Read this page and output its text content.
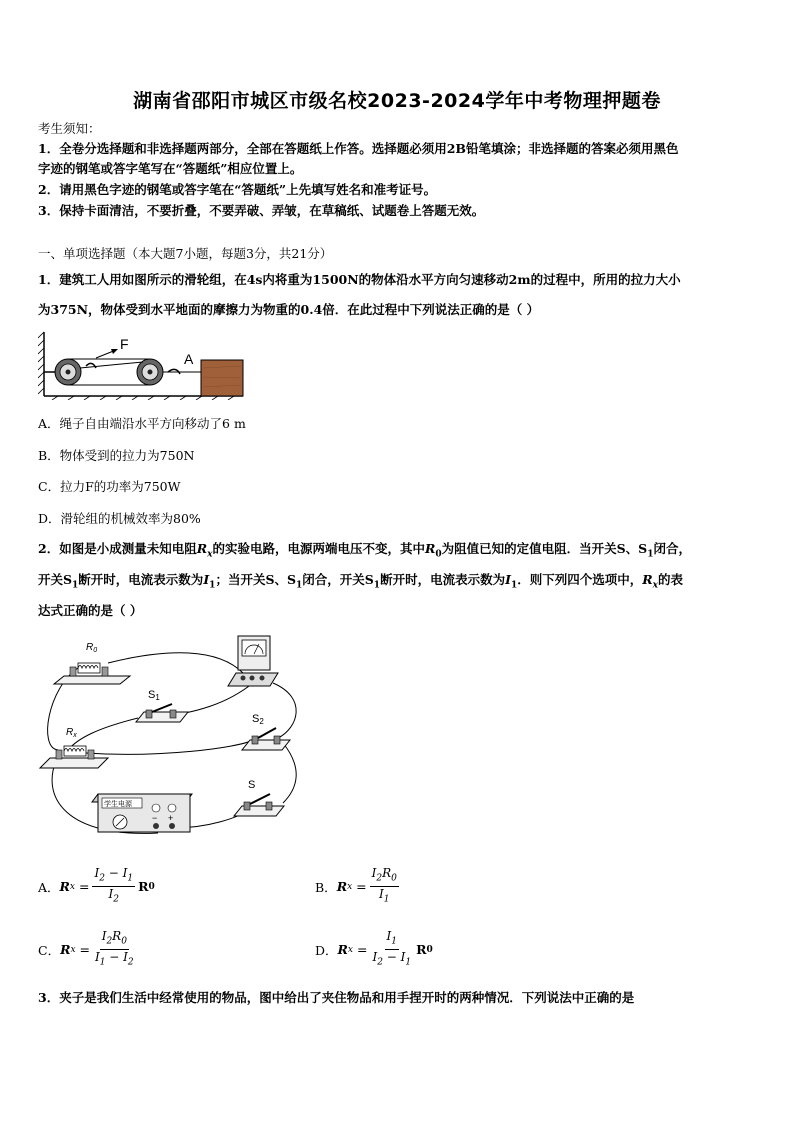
湖南省邵阳市城区市级名校2023-2024学年中考物理押题卷
考生须知：
1．全卷分选择题和非选择题两部分，全部在答题纸上作答。选择题必须用2B铅笔填涂；非选择题的答案必须用黑色
字迹的钢笔或答字笔写在“答题纸”相应位置上。
2．请用黑色字迹的钢笔或答字笔在“答题纸”上先填写姓名和准考证号。
3．保持卡面清洁，不要折叠，不要弄破、弄皱，在草稿纸、试题卷上答题无效。
一、单项选择题（本大题7小题，每题3分，共21分）
1．建筑工人用如图所示的滑轮组，在4s内将重为1500N的物体沿水平方向匀速移动2m的过程中，所用的拉力大小
为375N，物体受到水平地面的摩擦力为物重的0.4倍．在此过程中下列说法正确的是（ ）
F
A
A．绳子自由端沿水平方向移动了6 m
B．物体受到的拉力为750N
C．拉力F的功率为750W
D．滑轮组的机械效率为80%
2．如图是小成测量未知电阻$R_x$的实验电路，电源两端电压不变，其中$R_0$为阻值已知的定值电阻．当开关S、$S_1$闭合，
开关$S_1$断开时，电流表示数为$I_1$；当开关S、$S_1$闭合，开关$S_1$断开时，电流表示数为$I_1$．则下列四个选项中，$R_x$的表
达式正确的是（ ）
$R_0$
S1
S2
$R_x$
S
学生电源
− +
A． R $x = \frac{I_2 - I_1}{I_2}$ R 0	B． R $x = \frac{I_2R_0}{I_1}$
C． R $x = \frac{I_2R_0}{I_1 - I_2}$	D． R $x = \frac{I_1}{I_2 - I_1}$ R 0
3．夹子是我们生活中经常使用的物品，图中给出了夹住物品和用手捏开时的两种情况．下列说法中正确的是
